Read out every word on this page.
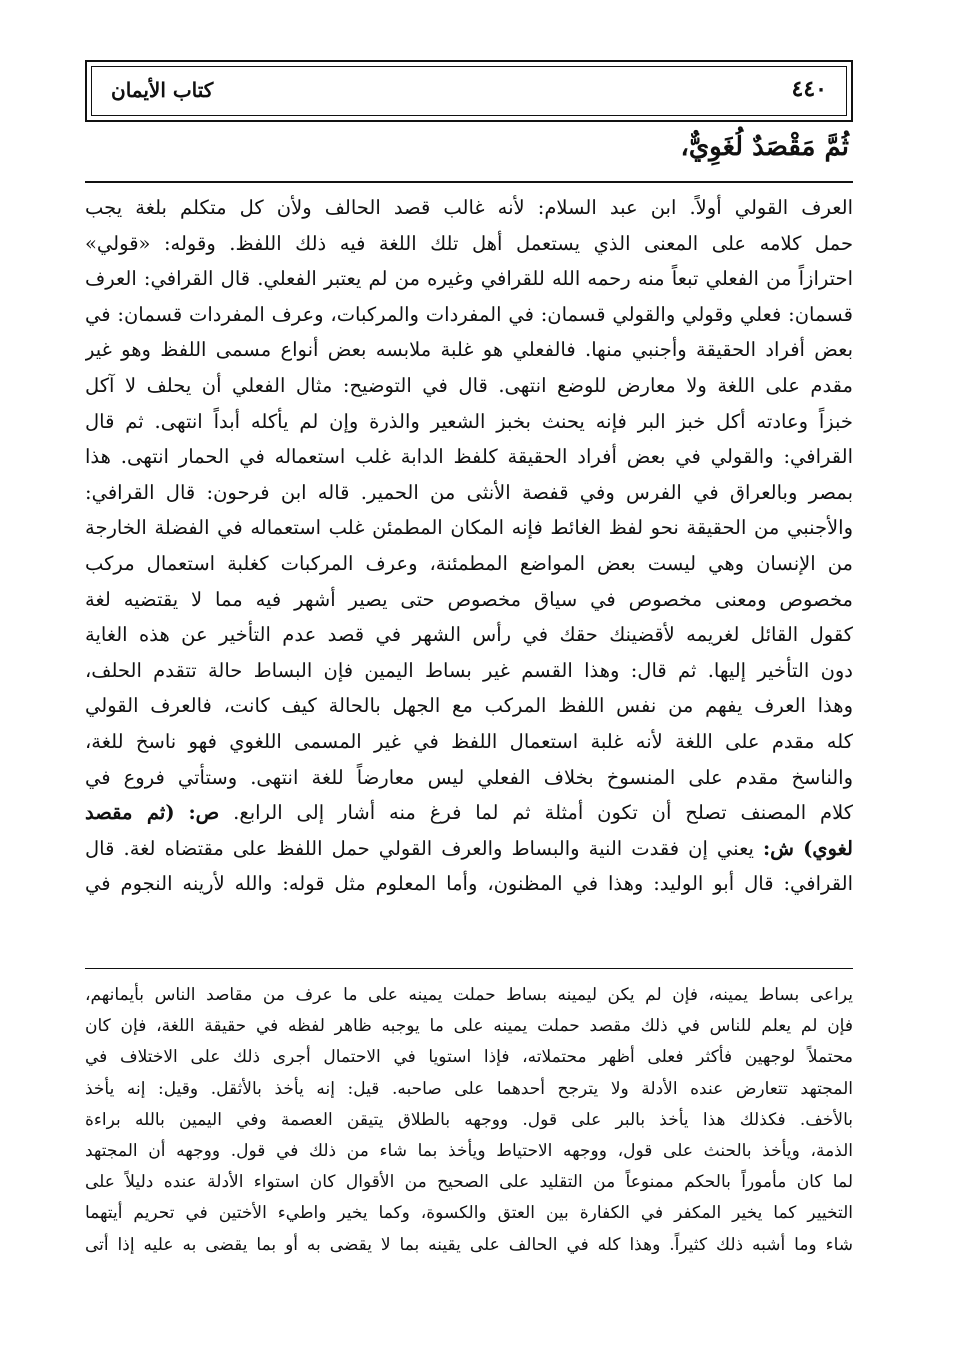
٤٤٠
كتاب الأيمان
ثُمَّ مَقْصَدٌ لُغَوِيٌّ،
العرف القولي أولاً. ابن عبد السلام: لأنه غالب قصد الحالف ولأن كل متكلم بلغة يجب
حمل كلامه على المعنى الذي يستعمل أهل تلك اللغة فيه ذلك اللفظ. وقوله: «قولي»
احترازاً من الفعلي تبعاً منه رحمه الله للقرافي وغيره من لم يعتبر الفعلي. قال القرافي: العرف
قسمان: فعلي وقولي والقولي قسمان: في المفردات والمركبات، وعرف المفردات قسمان: في
بعض أفراد الحقيقة وأجنبي منها. فالفعلي هو غلبة ملابسه بعض أنواع مسمى اللفظ وهو غير
مقدم على اللغة ولا معارض للوضع انتهى. قال في التوضيح: مثال الفعلي أن يحلف لا آكل
خبزاً وعادته أكل خبز البر فإنه يحنث بخبز الشعير والذرة وإن لم يأكله أبداً انتهى. ثم قال
القرافي: والقولي في بعض أفراد الحقيقة كلفظ الدابة غلب استعماله في الحمار انتهى. هذا
بمصر وبالعراق في الفرس وفي قفصة الأنثى من الحمير. قاله ابن فرحون: قال القرافي:
والأجنبي من الحقيقة نحو لفظ الغائط فإنه المكان المطمئن غلب استعماله في الفضلة الخارجة
من الإنسان وهي ليست بعض المواضع المطمئنة، وعرف المركبات كغلبة استعمال مركب
مخصوص ومعنى مخصوص في سياق مخصوص حتى يصير أشهر فيه مما لا يقتضيه لغة
كقول القائل لغريمه لأقضينك حقك في رأس الشهر في قصد عدم التأخير عن هذه الغاية
دون التأخير إليها. ثم قال: وهذا القسم غير بساط اليمين فإن البساط حالة تتقدم الحلف،
وهذا العرف يفهم من نفس اللفظ المركب مع الجهل بالحالة كيف كانت، فالعرف القولي
كله مقدم على اللغة لأنه غلبة استعمال اللفظ في غير المسمى اللغوي فهو ناسخ للغة،
والناسخ مقدم على المنسوخ بخلاف الفعلي ليس معارضاً للغة انتهى. وستأتي فروع في
كلام المصنف تصلح أن تكون أمثلة ثم لما فرغ منه أشار إلى الرابع. ص: (ثم مقصد
لغوي) ش: يعني إن فقدت النية والبساط والعرف القولي حمل اللفظ على مقتضاه لغة. قال
القرافي: قال أبو الوليد: وهذا في المظنون، وأما المعلوم مثل قوله: والله لأرينه النجوم في
يراعى بساط يمينه، فإن لم يكن ليمينه بساط حملت يمينه على ما عرف من مقاصد الناس بأيمانهم،
فإن لم يعلم للناس في ذلك مقصد حملت يمينه على ما يوجبه ظاهر لفظه في حقيقة اللغة، فإن كان
محتملاً لوجهين فأكثر فعلى أظهر محتملاته، فإذا استويا في الاحتمال أجرى ذلك على الاختلاف في
المجتهد تتعارض عنده الأدلة ولا يترجح أحدهما على صاحبه. قيل: إنه يأخذ بالأثقل. وقيل: إنه يأخذ
بالأخف. فكذلك هذا يأخذ بالبر على قول. ووجهه بالطلاق يتيقن العصمة وفي اليمين بالله براءة
الذمة، ويأخذ بالحنث على قول، ووجهه الاحتياط ويأخذ بما شاء من ذلك في قول. ووجهه أن المجتهد
لما كان مأموراً بالحكم ممنوعاً من التقليد على الصحيح من الأقوال كان استواء الأدلة عنده دليلاً على
التخيير كما يخير المكفر في الكفارة بين العتق والكسوة، وكما يخير واطيء الأختين في تحريم أيتهما
شاء وما أشبه ذلك كثيراً. وهذا كله في الحالف على يقينه بما لا يقضى به أو بما يقضى به عليه إذا أتى
